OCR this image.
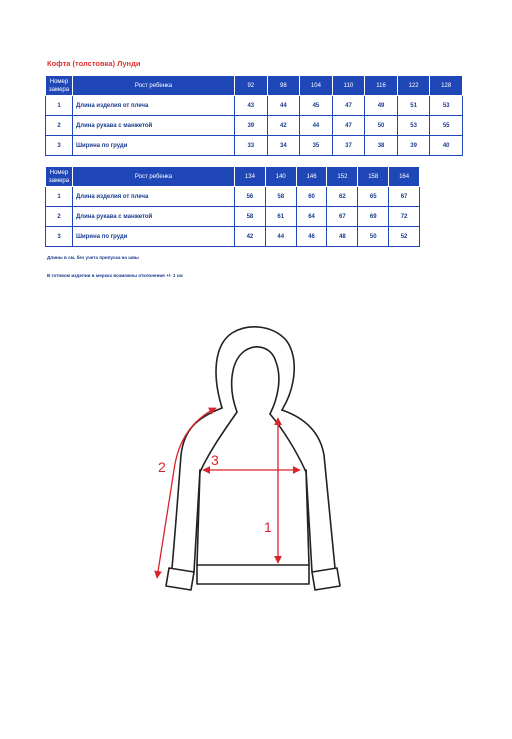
Кофта (толстовка) Лунди
Номер замера	Рост ребенка	92	98	104	110	116	122	128
1	Длина изделия от плеча	43	44	45	47	49	51	53
2	Длина рукава с манжетой	39	42	44	47	50	53	55
3	Ширина по груди	33	34	35	37	38	39	40
Номер замера	Рост ребенка	134	140	146	152	158	164
1	Длина изделия от плеча	56	58	60	62	65	67
2	Длина рукава с манжетой	58	61	64	67	69	72
3	Ширина по груди	42	44	46	48	50	52
Длины в см, без учета припуска на швы
В готовом изделии в мерках возможны отклонения +/- 1 см
1
2	3
